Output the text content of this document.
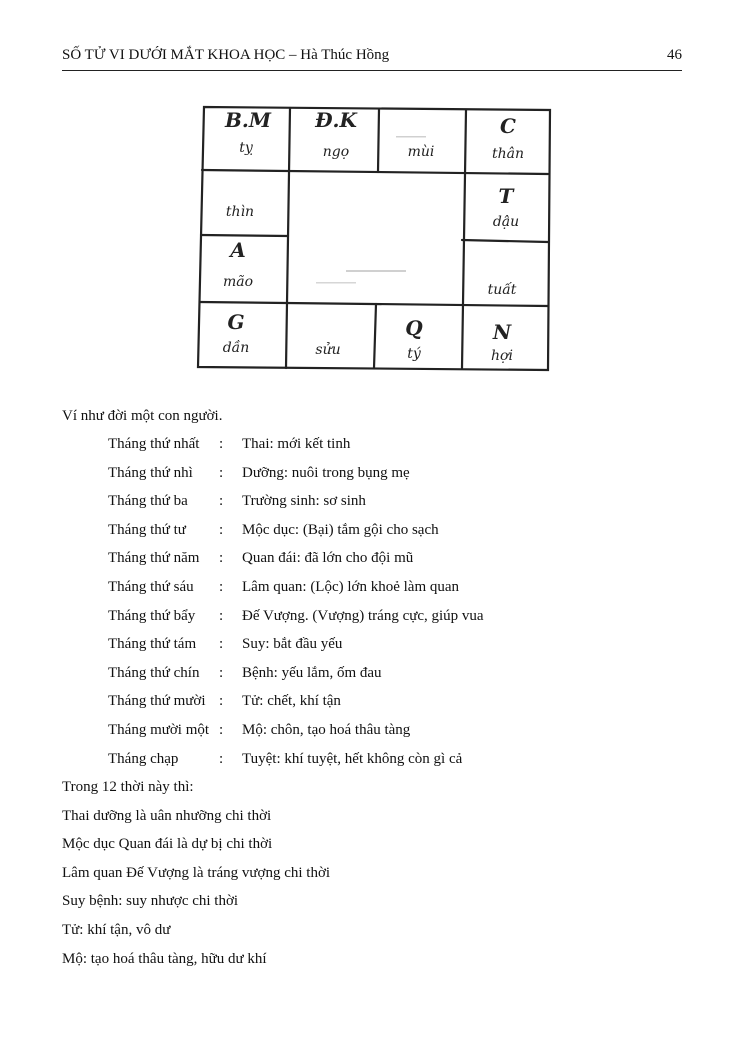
SỐ TỬ VI DƯỚI MẮT KHOA HỌC – Hà Thúc Hồng	46
B.M
tỵ
Đ.K
ngọ	mùi
C
thân
thìn
T
dậu
A
mão	tuất
G
dần	sửu
Q
tý
N
hợi
Ví như đời một con người.
Tháng thứ nhất : Thai: mới kết tinh
Tháng thứ nhì : Dưỡng: nuôi trong bụng mẹ
Tháng thứ ba : Trường sinh: sơ sinh
Tháng thứ tư : Mộc dục: (Bại) tắm gội cho sạch
Tháng thứ năm : Quan đái: đã lớn cho đội mũ
Tháng thứ sáu : Lâm quan: (Lộc) lớn khoẻ làm quan
Tháng thứ bẩy : Đế Vượng. (Vượng) tráng cực, giúp vua
Tháng thứ tám : Suy: bắt đầu yếu
Tháng thứ chín : Bệnh: yếu lắm, ốm đau
Tháng thứ mười : Tử: chết, khí tận
Tháng mười một : Mộ: chôn, tạo hoá thâu tàng
Tháng chạp	: Tuyệt: khí tuyệt, hết không còn gì cả

Trong 12 thời này thì:

Thai dưỡng là uân nhưỡng chi thời

Mộc dục Quan đái là dự bị chi thời

Lâm quan Đế Vượng là tráng vượng chi thời

Suy bệnh: suy nhược chi thời

Tử: khí tận, vô dư

Mộ: tạo hoá thâu tàng, hữu dư khí
